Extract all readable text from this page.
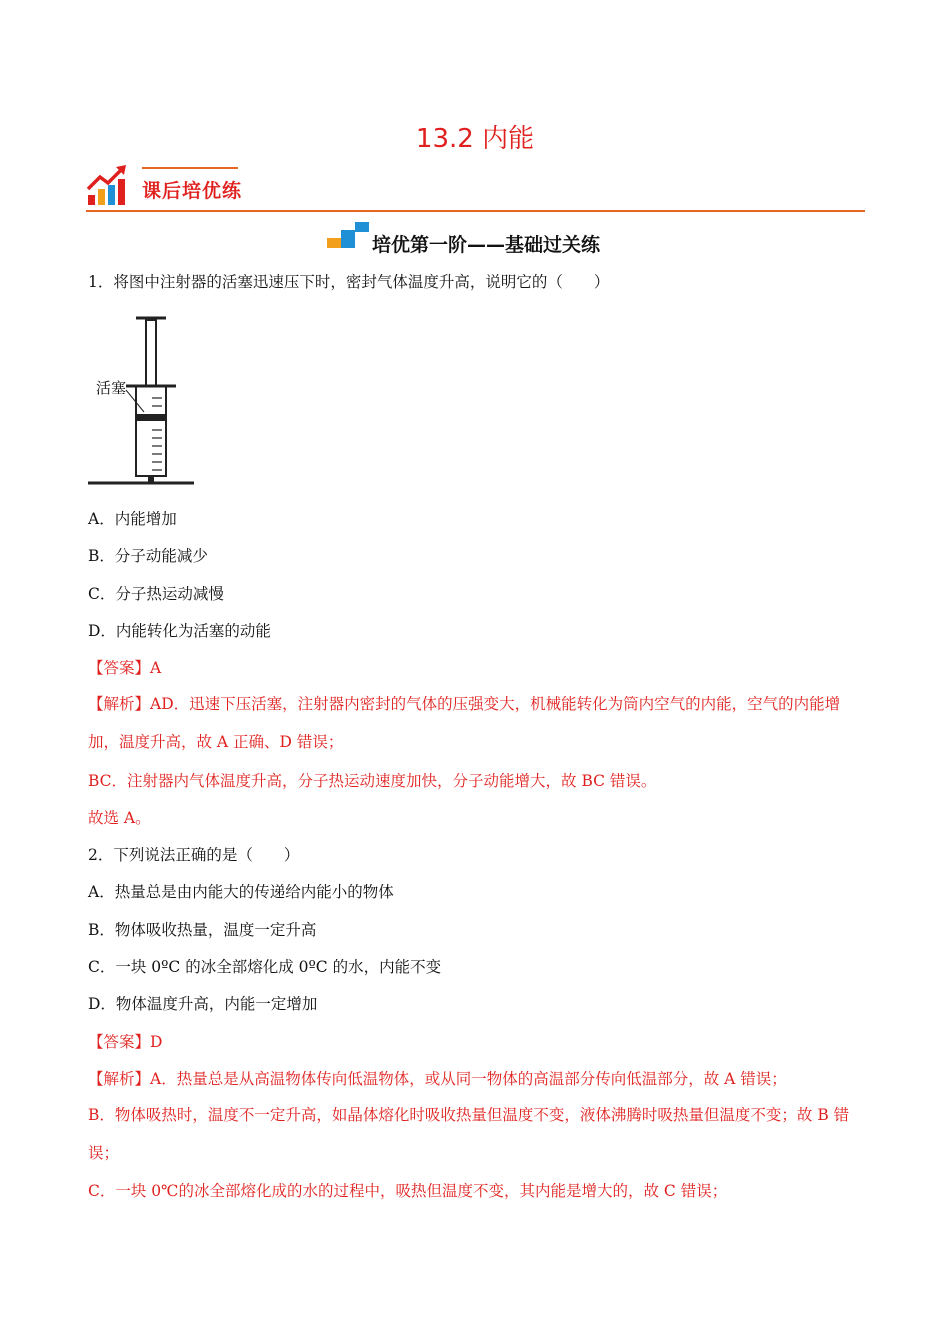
13.2 内能
课后培优练
培优第一阶——基础过关练
1．将图中注射器的活塞迅速压下时，密封气体温度升高，说明它的（　　）
活塞
A．内能增加
B．分子动能减少
C．分子热运动减慢
D．内能转化为活塞的动能
【答案】A
【解析】AD．迅速下压活塞，注射器内密封的气体的压强变大，机械能转化为筒内空气的内能，空气的内能增加，温度升高，故 A 正确、D 错误；
BC．注射器内气体温度升高，分子热运动速度加快，分子动能增大，故 BC 错误。
故选 A。
2．下列说法正确的是（　　）
A．热量总是由内能大的传递给内能小的物体
B．物体吸收热量，温度一定升高
C．一块 0ºC 的冰全部熔化成 0ºC 的水，内能不变
D．物体温度升高，内能一定增加
【答案】D
【解析】A．热量总是从高温物体传向低温物体，或从同一物体的高温部分传向低温部分，故 A 错误；
B．物体吸热时，温度不一定升高，如晶体熔化时吸收热量但温度不变，液体沸腾时吸热量但温度不变；故 B 错误；
C．一块 0℃的冰全部熔化成的水的过程中，吸热但温度不变，其内能是增大的，故 C 错误；
